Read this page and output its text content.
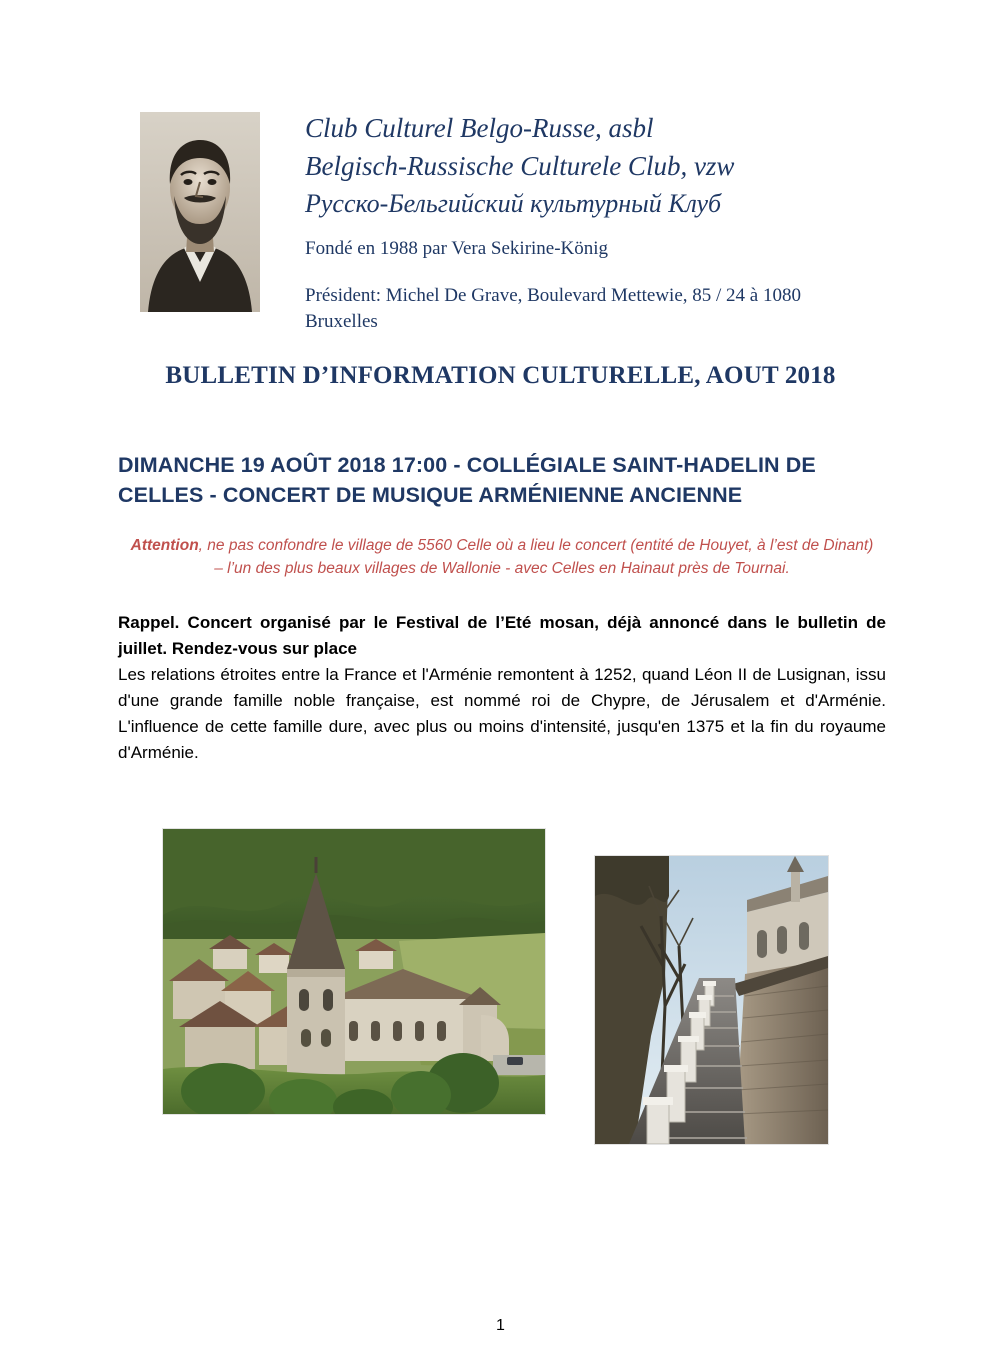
Club Culturel Belgo-Russe, asbl
Belgisch-Russische Culturele Club, vzw
Русско-Бельгийский культурный Клуб
Fondé en 1988 par Vera Sekirine-König
Président: Michel De Grave, Boulevard Mettewie, 85 / 24 à 1080 Bruxelles
BULLETIN D’INFORMATION CULTURELLE, AOUT 2018
DIMANCHE 19 AOÛT 2018 17:00 - COLLÉGIALE SAINT-HADELIN DE CELLES - CONCERT DE MUSIQUE ARMÉNIENNE ANCIENNE
Attention, ne pas confondre le village de 5560 Celle où a lieu le concert (entité de Houyet, à l’est de Dinant) – l’un des plus beaux villages de Wallonie - avec Celles en Hainaut près de Tournai.
Rappel. Concert organisé par le Festival de l’Eté mosan, déjà annoncé dans le bulletin de juillet. Rendez-vous sur place
Les relations étroites entre la France et l'Arménie remontent à 1252, quand Léon II de Lusignan, issu d'une grande famille noble française, est nommé roi de Chypre, de Jérusalem et d'Arménie. L'influence de cette famille dure, avec plus ou moins d'intensité, jusqu'en 1375 et la fin du royaume d'Arménie.
1
